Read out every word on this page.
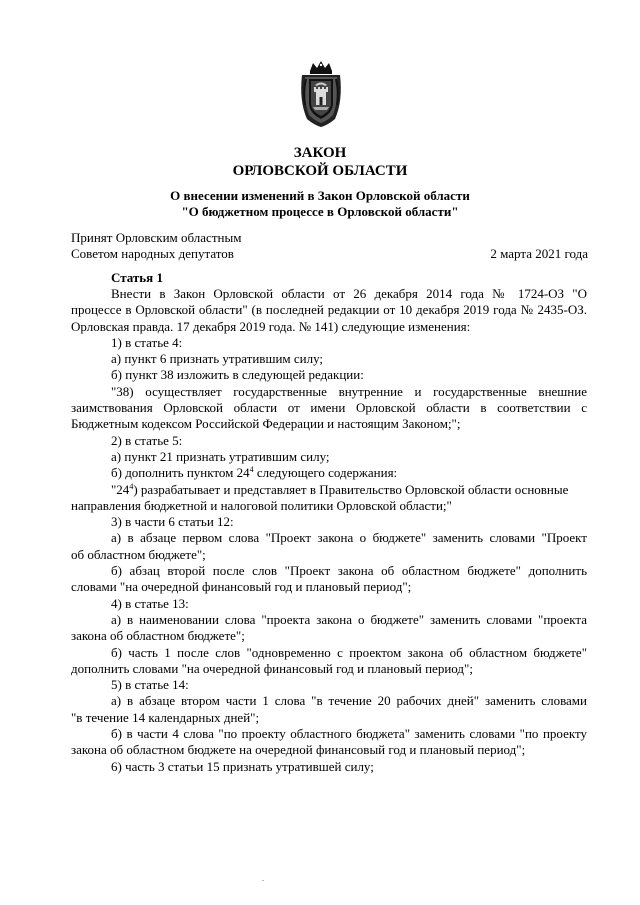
ЗАКОН
ОРЛОВСКОЙ ОБЛАСТИ
О внесении изменений в Закон Орловской области
"О бюджетном процессе в Орловской области"
Принят Орловским областным
Советом народных депутатов	2 марта 2021 года
Статья 1
Внести в Закон Орловской области от 26 декабря 2014 года № 1724-ОЗ "О
процессе в Орловской области" (в последней редакции от 10 декабря 2019 года № 2435-ОЗ.
Орловская правда. 17 декабря 2019 года. № 141) следующие изменения:
1) в статье 4:
а) пункт 6 признать утратившим силу;
б) пункт 38 изложить в следующей редакции:
"38) осуществляет государственные внутренние и государственные внешние
заимствования Орловской области от имени Орловской области в соответствии с
Бюджетным кодексом Российской Федерации и настоящим Законом;";
2) в статье 5:
а) пункт 21 признать утратившим силу;
б) дополнить пунктом $24^4$ следующего содержания:
"$24^4$) разрабатывает и представляет в Правительство Орловской области основные
направления бюджетной и налоговой политики Орловской области;"
3) в части 6 статьи 12:
а) в абзаце первом слова "Проект закона о бюджете" заменить словами "Проект
об областном бюджете";
б) абзац второй после слов "Проект закона об областном бюджете" дополнить
словами "на очередной финансовый год и плановый период";
4) в статье 13:
а) в наименовании слова "проекта закона о бюджете" заменить словами "проекта
закона об областном бюджете";
б) часть 1 после слов "одновременно с проектом закона об областном бюджете"
дополнить словами "на очередной финансовый год и плановый период";
5) в статье 14:
а) в абзаце втором части 1 слова "в течение 20 рабочих дней" заменить словами
"в течение 14 календарных дней";
б) в части 4 слова "по проекту областного бюджета" заменить словами "по проекту
закона об областном бюджете на очередной финансовый год и плановый период";
6) часть 3 статьи 15 признать утратившей силу;
